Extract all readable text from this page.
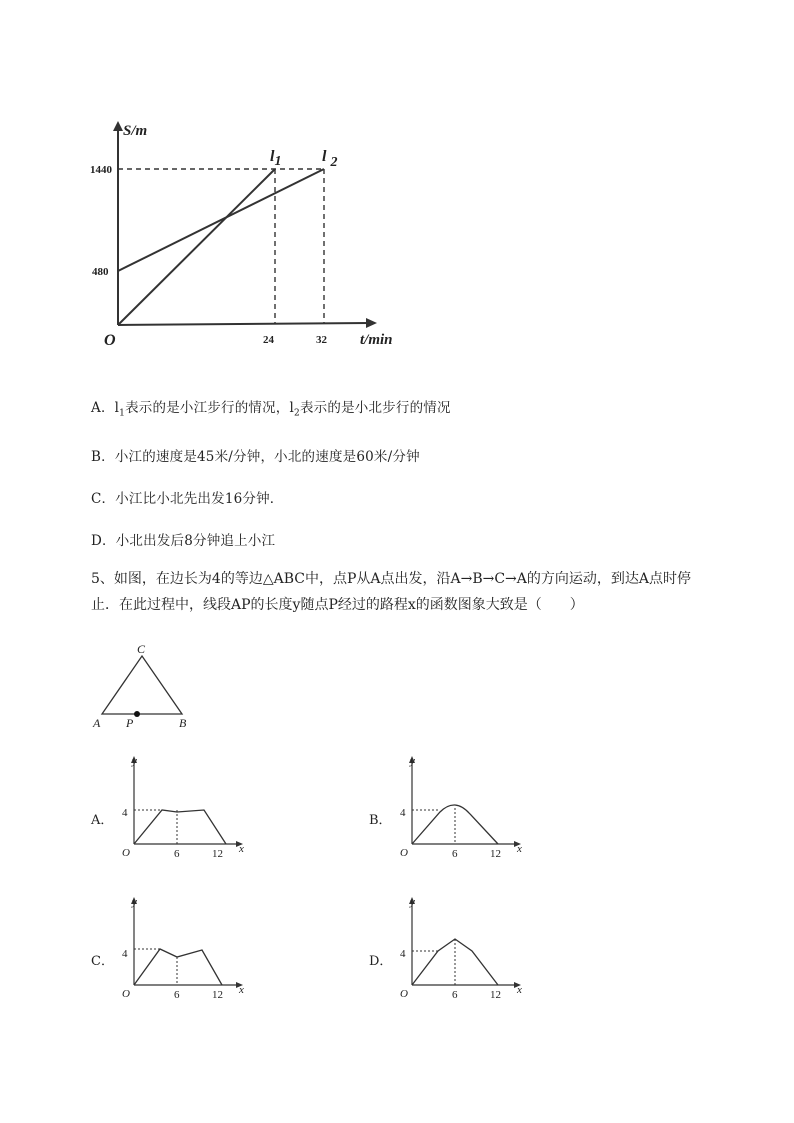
S/m
t/min
O
1440
480
24	32
l1	l 2
A．$l_1$表示的是小江步行的情况，$l_2$表示的是小北步行的情况
B．小江的速度是45米/分钟，小北的速度是60米/分钟
C．小江比小北先出发16分钟．
D．小北出发后8分钟追上小江
5、如图，在边长为4的等边△ABC中，点P从A点出发，沿A→B→C→A的方向运动，到达A点时停
止．在此过程中，线段AP的长度y随点P经过的路程x的函数图象大致是（　　）
C
A	B
P
A．
y
4
O	6	12 x
B．
y
4
O	6	12 x
C．
y
4
O	6	12 x
D．
y
4
O	6	12 x
